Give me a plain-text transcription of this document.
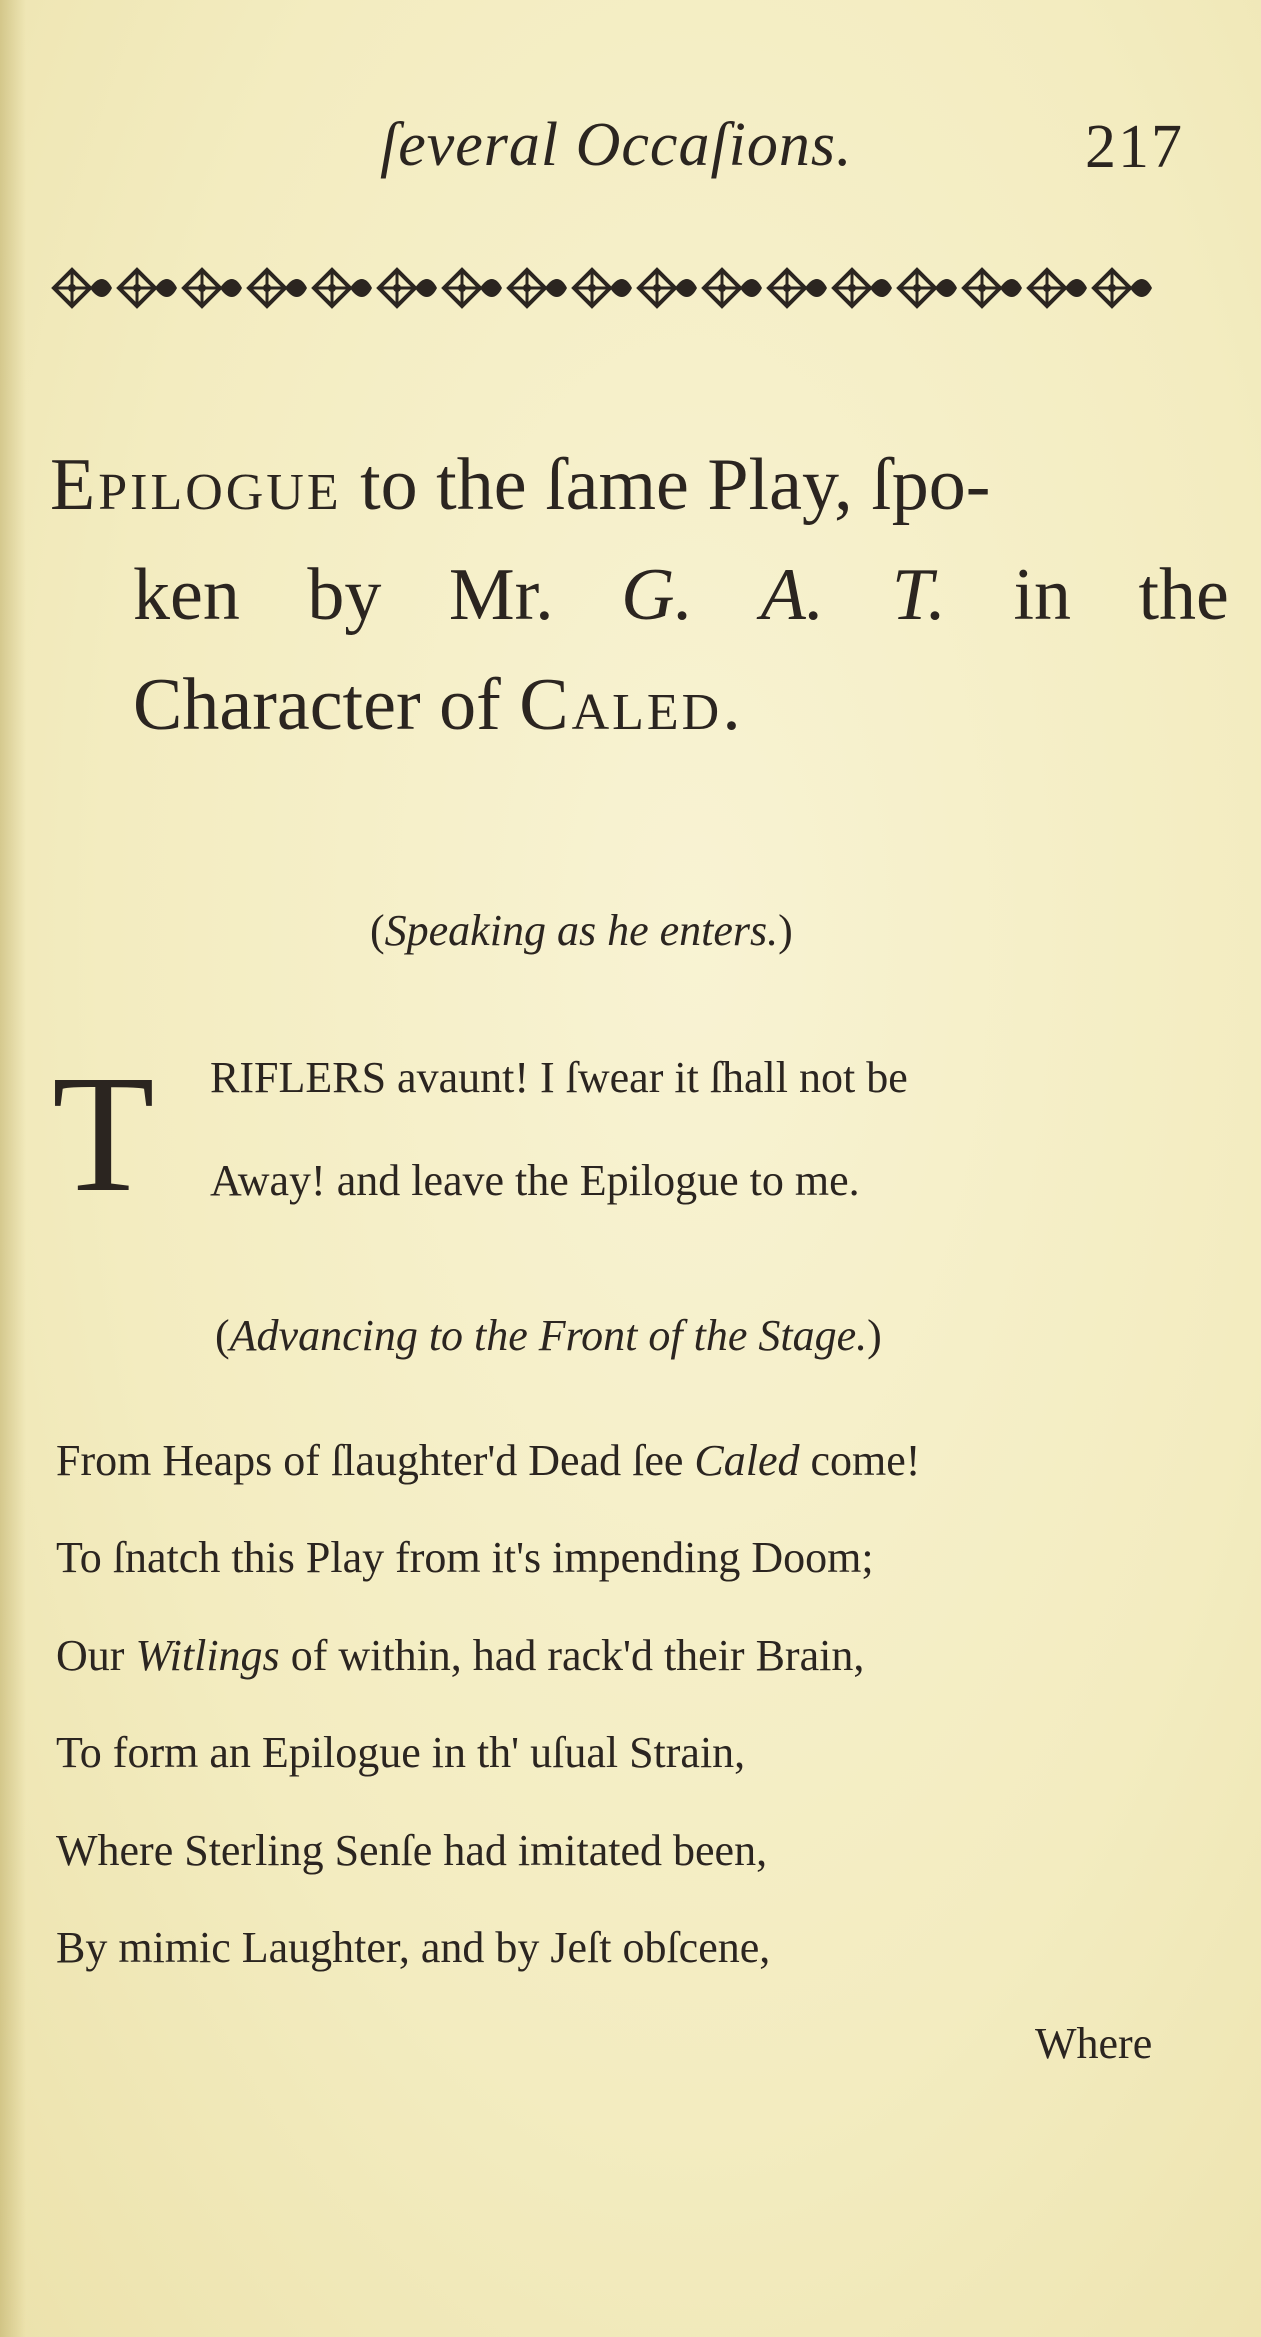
ſeveral Occaſions.	217
Epilogue to the ſame Play, ſpo-
ken by Mr. G. A. T. in the
Character of Caled.
(Speaking as he enters.)
T RIFLERS avaunt! I ſwear it ſhall not be
Away! and leave the Epilogue to me.
(Advancing to the Front of the Stage.)
From Heaps of ſlaughter'd Dead ſee Caled come!
To ſnatch this Play from it's impending Doom;
Our Witlings of within, had rack'd their Brain,
To form an Epilogue in th' uſual Strain,
Where Sterling Senſe had imitated been,
By mimic Laughter, and by Jeſt obſcene,
Where
